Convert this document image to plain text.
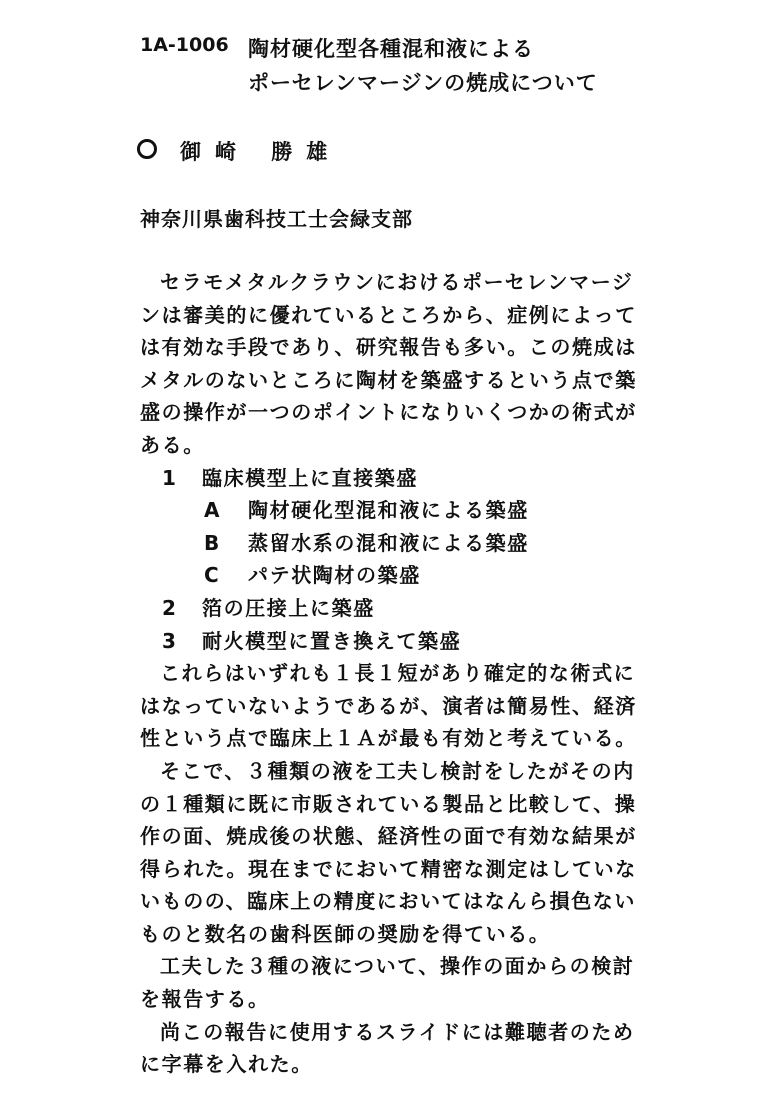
1A-1006 陶材硬化型各種混和液による
ポーセレンマージンの焼成について
御崎 勝雄
神奈川県歯科技工士会緑支部
セラモメタルクラウンにおけるポーセレンマージ
ンは審美的に優れているところから、症例によって
は有効な手段であり、研究報告も多い。この焼成は
メタルのないところに陶材を築盛するという点で築
盛の操作が一つのポイントになりいくつかの術式が
ある。
1 臨床模型上に直接築盛
A 陶材硬化型混和液による築盛
B 蒸留水系の混和液による築盛
C パテ状陶材の築盛
2 箔の圧接上に築盛
3 耐火模型に置き換えて築盛
これらはいずれも１長１短があり確定的な術式に
はなっていないようであるが、演者は簡易性、経済
性という点で臨床上１Ａが最も有効と考えている。
そこで、３種類の液を工夫し検討をしたがその内
の１種類に既に市販されている製品と比較して、操
作の面、焼成後の状態、経済性の面で有効な結果が
得られた。現在までにおいて精密な測定はしていな
いものの、臨床上の精度においてはなんら損色ない
ものと数名の歯科医師の奨励を得ている。
工夫した３種の液について、操作の面からの検討
を報告する。
尚この報告に使用するスライドには難聴者のため
に字幕を入れた。
